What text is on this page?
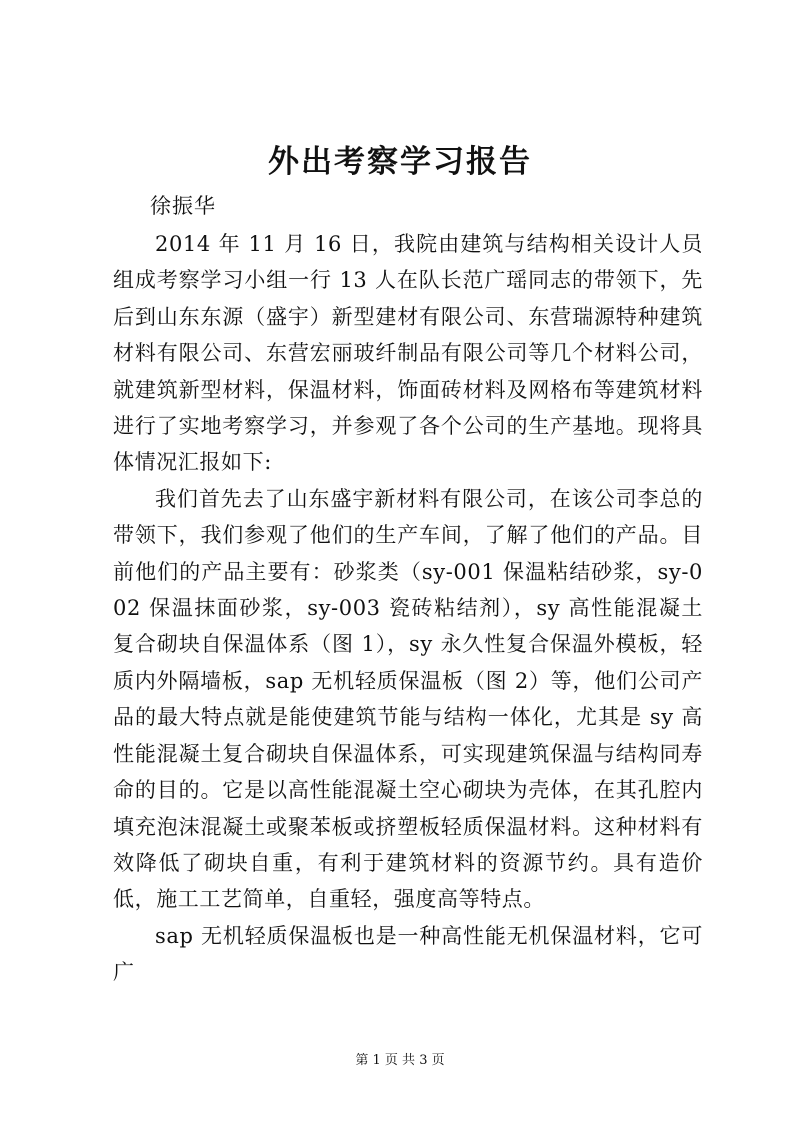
外出考察学习报告
徐振华

2014 年 11 月 16 日，我院由建筑与结构相关设计人员组成考察学习小组一行 13 人在队长范广瑶同志的带领下，先后到山东东源（盛宇）新型建材有限公司、东营瑞源特种建筑材料有限公司、东营宏丽玻纤制品有限公司等几个材料公司，就建筑新型材料，保温材料，饰面砖材料及网格布等建筑材料进行了实地考察学习，并参观了各个公司的生产基地。现将具体情况汇报如下:

我们首先去了山东盛宇新材料有限公司，在该公司李总的带领下，我们参观了他们的生产车间，了解了他们的产品。目前他们的产品主要有：砂浆类（sy-001 保温粘结砂浆，sy-002 保温抹面砂浆，sy-003 瓷砖粘结剂），sy 高性能混凝土复合砌块自保温体系（图 1），sy 永久性复合保温外模板，轻质内外隔墙板，sap 无机轻质保温板（图 2）等，他们公司产品的最大特点就是能使建筑节能与结构一体化，尤其是 sy 高性能混凝土复合砌块自保温体系，可实现建筑保温与结构同寿命的目的。它是以高性能混凝土空心砌块为壳体，在其孔腔内填充泡沫混凝土或聚苯板或挤塑板轻质保温材料。这种材料有效降低了砌块自重，有利于建筑材料的资源节约。具有造价低，施工工艺简单，自重轻，强度高等特点。

sap 无机轻质保温板也是一种高性能无机保温材料，它可广

第 1 页 共 3 页
